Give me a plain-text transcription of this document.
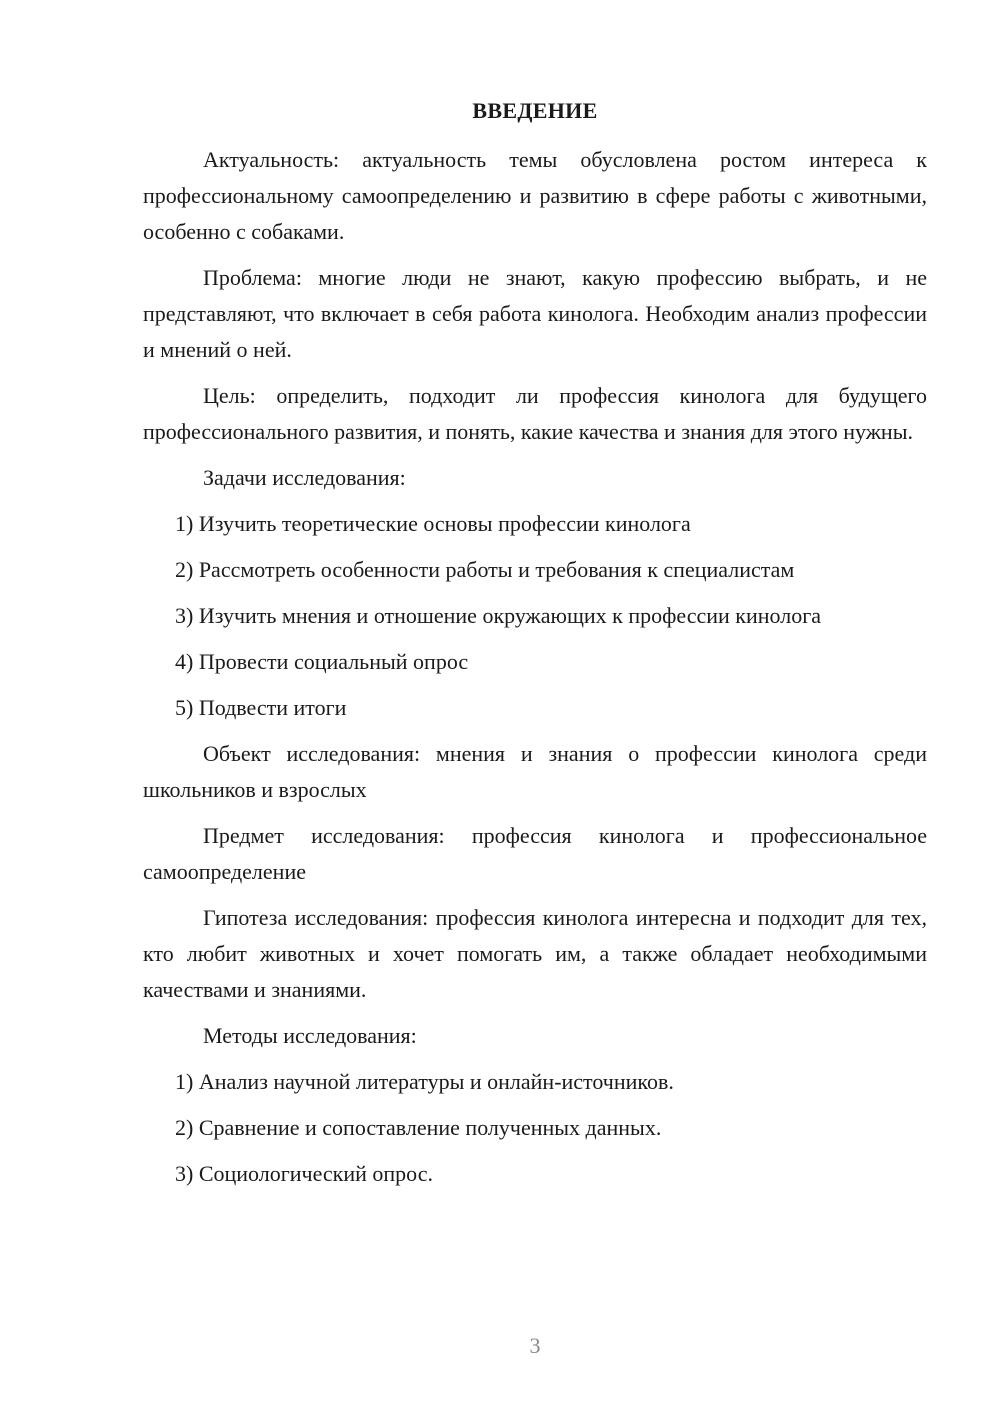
ВВЕДЕНИЕ

Актуальность: актуальность темы обусловлена ростом интереса к профессиональному самоопределению и развитию в сфере работы с животными, особенно с собаками.

Проблема: многие люди не знают, какую профессию выбрать, и не представляют, что включает в себя работа кинолога. Необходим анализ профессии и мнений о ней.

Цель: определить, подходит ли профессия кинолога для будущего профессионального развития, и понять, какие качества и знания для этого нужны.

Задачи исследования:

1) Изучить теоретические основы профессии кинолога

2) Рассмотреть особенности работы и требования к специалистам

3) Изучить мнения и отношение окружающих к профессии кинолога

4) Провести социальный опрос

5) Подвести итоги

Объект исследования: мнения и знания о профессии кинолога среди школьников и взрослых

Предмет исследования: профессия кинолога и профессиональное самоопределение

Гипотеза исследования: профессия кинолога интересна и подходит для тех, кто любит животных и хочет помогать им, а также обладает необходимыми качествами и знаниями.

Методы исследования:

1) Анализ научной литературы и онлайн-источников.

2) Сравнение и сопоставление полученных данных.

3) Социологический опрос.

3
